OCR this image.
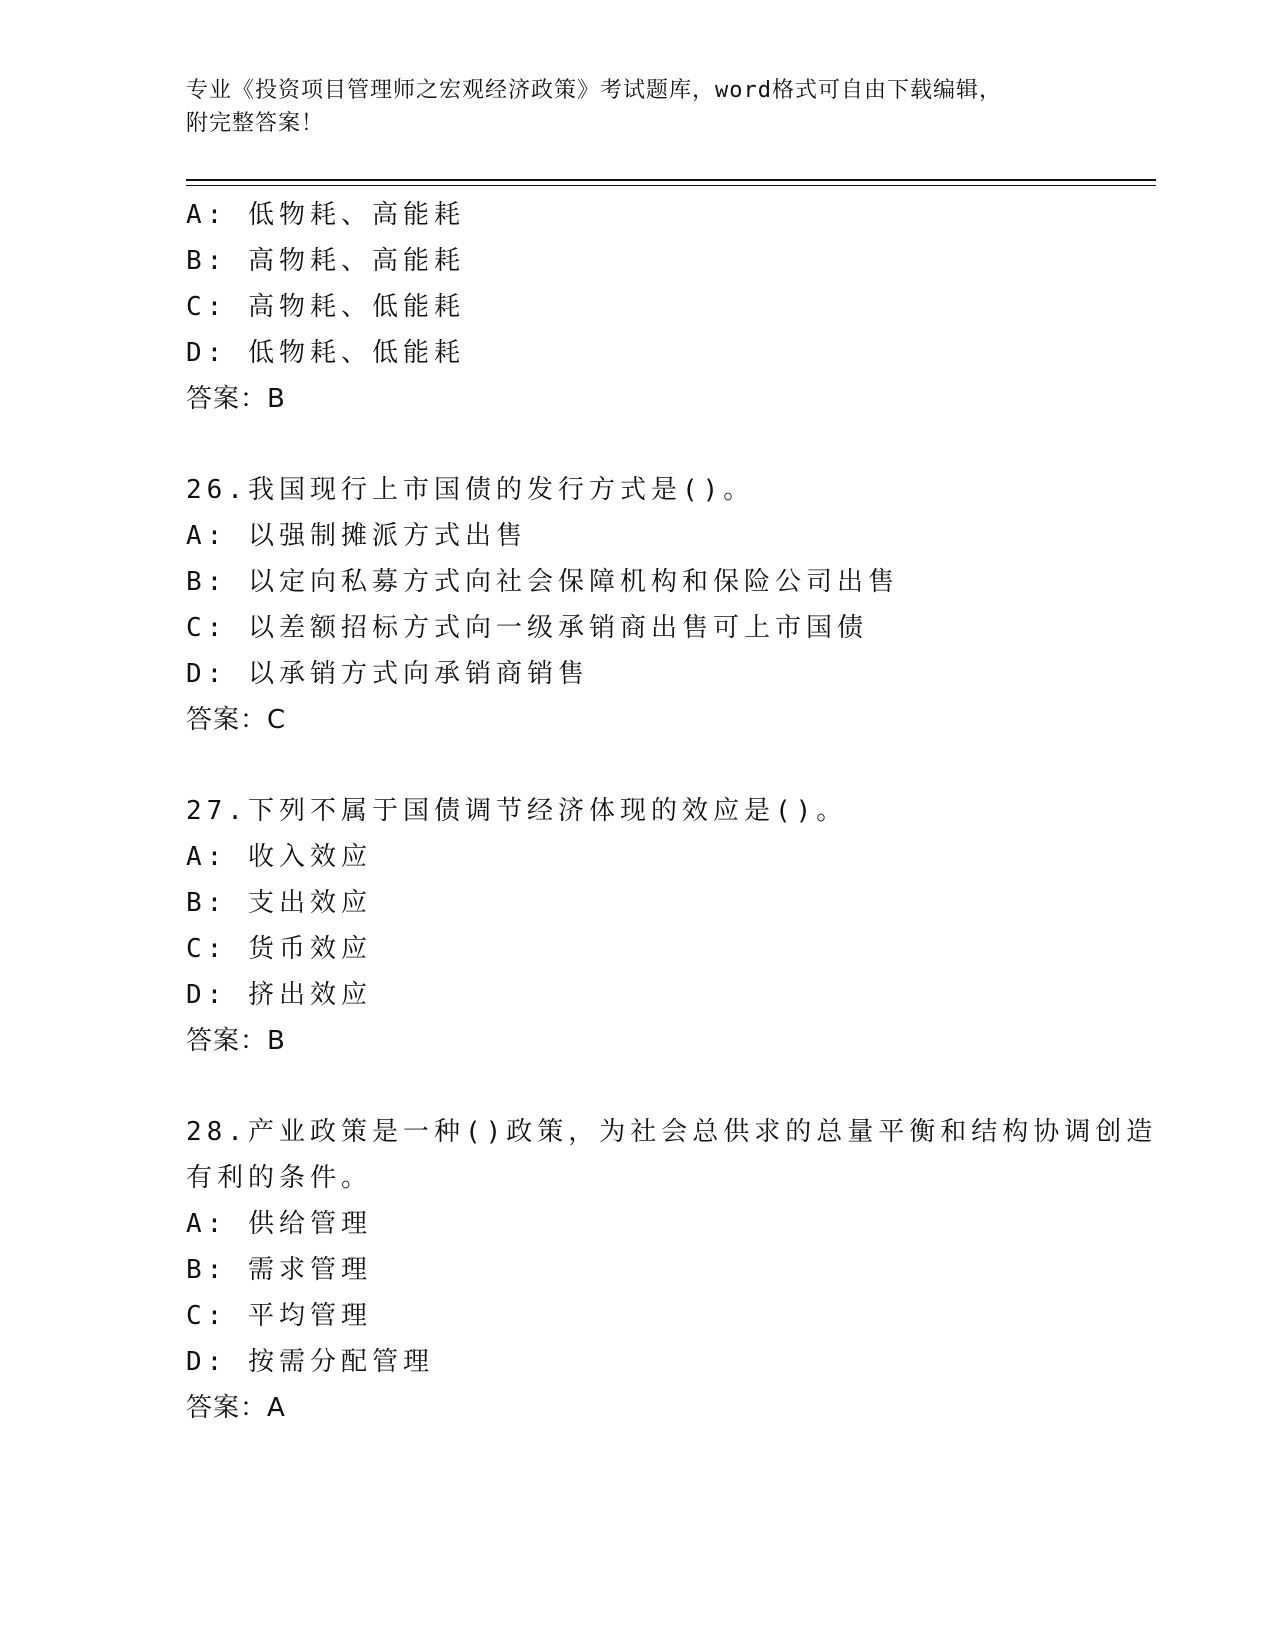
专业《投资项目管理师之宏观经济政策》考试题库，word格式可自由下载编辑，
附完整答案！
A: 低物耗、高能耗
B: 高物耗、高能耗
C: 高物耗、低能耗
D: 低物耗、低能耗
答案：B
26.我国现行上市国债的发行方式是()。
A: 以强制摊派方式出售
B: 以定向私募方式向社会保障机构和保险公司出售
C: 以差额招标方式向一级承销商出售可上市国债
D: 以承销方式向承销商销售
答案：C
27.下列不属于国债调节经济体现的效应是()。
A: 收入效应
B: 支出效应
C: 货币效应
D: 挤出效应
答案：B
28.产业政策是一种()政策，为社会总供求的总量平衡和结构协调创造
有利的条件。
A: 供给管理
B: 需求管理
C: 平均管理
D: 按需分配管理
答案：A
